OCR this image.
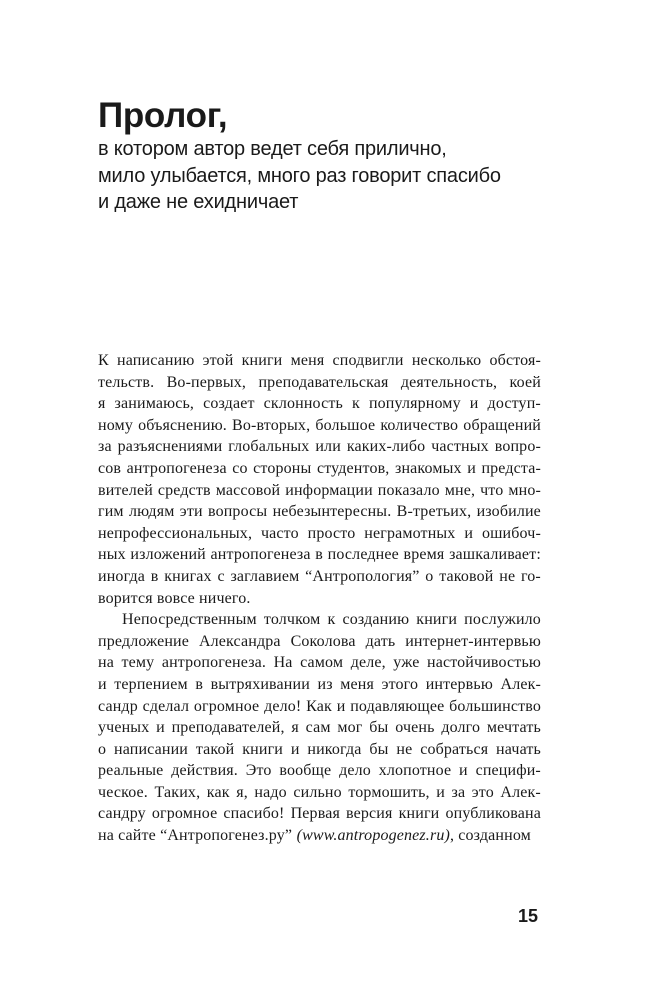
Пролог,
в котором автор ведет себя прилично,
мило улыбается, много раз говорит спасибо
и даже не ехидничает
К написанию этой книги меня сподвигли несколько обстоя-
тельств. Во-первых, преподавательская деятельность, коей
я занимаюсь, создает склонность к популярному и доступ-
ному объяснению. Во-вторых, большое количество обращений
за разъяснениями глобальных или каких-либо частных вопро-
сов антропогенеза со стороны студентов, знакомых и предста-
вителей средств массовой информации показало мне, что мно-
гим людям эти вопросы небезынтересны. В-третьих, изобилие
непрофессиональных, часто просто неграмотных и ошибоч-
ных изложений антропогенеза в последнее время зашкаливает:
иногда в книгах с заглавием “Антропология” о таковой не го-
ворится вовсе ничего.
Непосредственным толчком к созданию книги послужило
предложение Александра Соколова дать интернет-интервью
на тему антропогенеза. На самом деле, уже настойчивостью
и терпением в вытряхивании из меня этого интервью Алек-
сандр сделал огромное дело! Как и подавляющее большинство
ученых и преподавателей, я сам мог бы очень долго мечтать
о написании такой книги и никогда бы не собраться начать
реальные действия. Это вообще дело хлопотное и специфи-
ческое. Таких, как я, надо сильно тормошить, и за это Алек-
сандру огромное спасибо! Первая версия книги опубликована
на сайте “Антропогенез.ру” (www.antropogenez.ru) , созданном
15
